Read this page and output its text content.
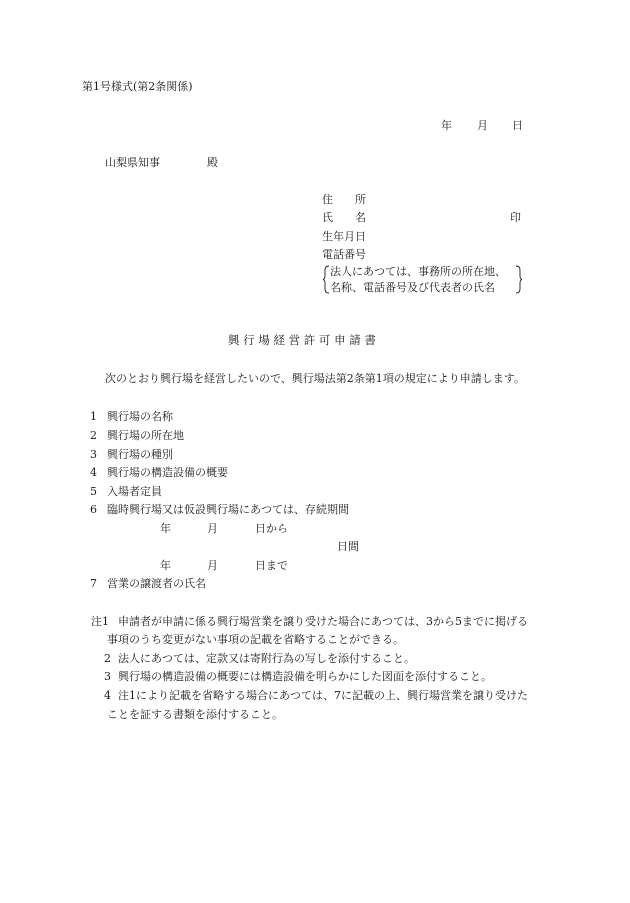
第1号様式(第2条関係)
年 月 日
山梨県知事	殿
住　　所
氏　　名	印
生年月日
電話番号
法人にあつては、事務所の所在地、
名称、電話番号及び代表者の氏名
興 行 場 経 営 許 可 申 請 書
次のとおり興行場を経営したいので、興行場法第2条第1項の規定により申請します。
1 興行場の名称
2 興行場の所在地
3 興行場の種別
4 興行場の構造設備の概要
5 入場者定員
6 臨時興行場又は仮設興行場にあつては、存続期間
年	月	日から
日間
年	月	日まで
7 営業の譲渡者の氏名
注1 申請者が申請に係る興行場営業を譲り受けた場合にあつては、3から5までに掲げる
事項のうち変更がない事項の記載を省略することができる。
2 法人にあつては、定款又は寄附行為の写しを添付すること。
3 興行場の構造設備の概要には構造設備を明らかにした図面を添付すること。
4 注1により記載を省略する場合にあつては、7に記載の上、興行場営業を譲り受けた
ことを証する書類を添付すること。
